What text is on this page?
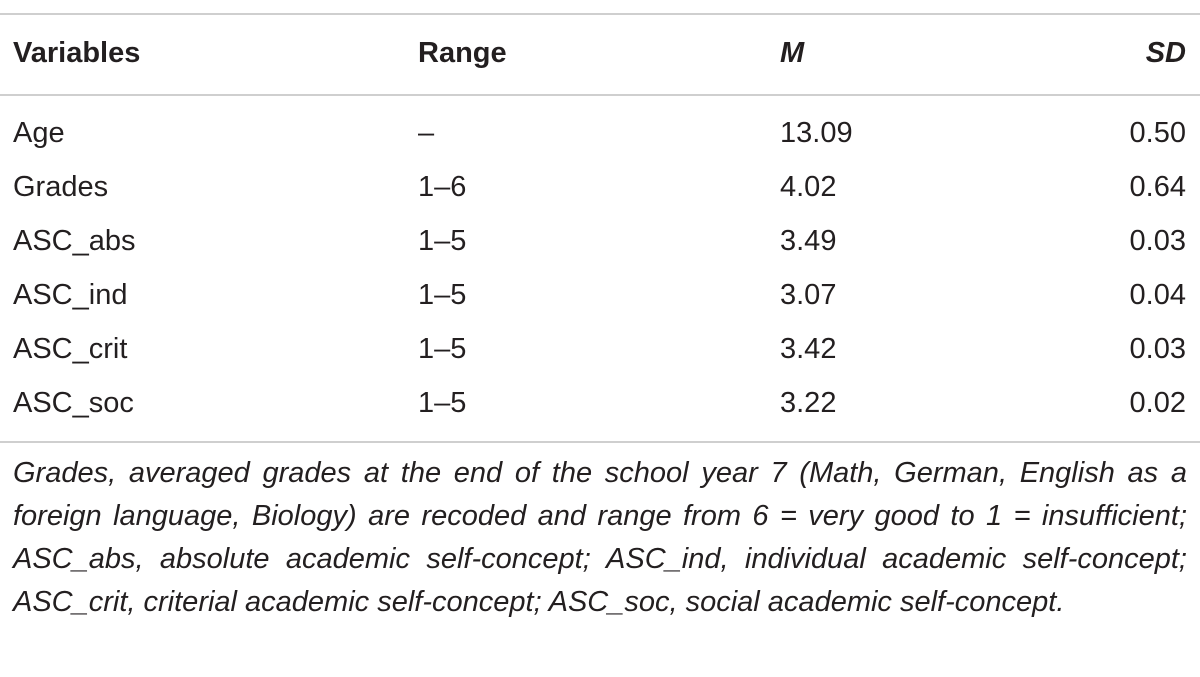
Variables	Range	M	SD
Age	–	13.09	0.50
Grades	1–6	4.02	0.64
ASC_abs	1–5	3.49	0.03
ASC_ind	1–5	3.07	0.04
ASC_crit	1–5	3.42	0.03
ASC_soc	1–5	3.22	0.02
Grades, averaged grades at the end of the school year 7 (Math, German, English as a foreign language, Biology) are recoded and range from 6 = very good to 1 = insufficient; ASC_abs, absolute academic self-concept; ASC_ind, individual academic self-concept; ASC_crit, criterial academic self-concept; ASC_soc, social academic self-concept.
